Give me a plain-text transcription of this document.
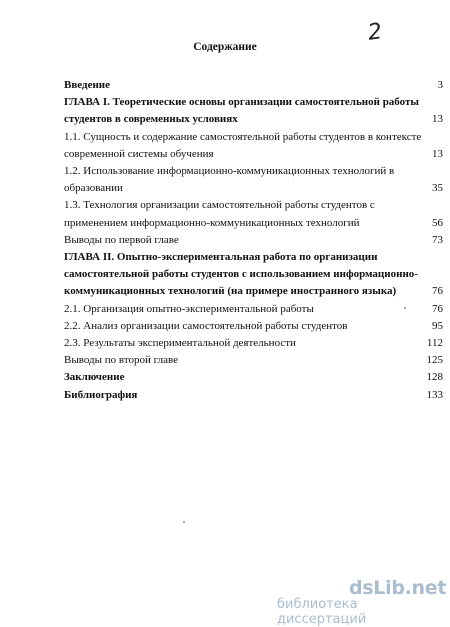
2
Содержание
Введение	3
ГЛАВА I. Теоретические основы организации самостоятельной работы
студентов в современных условиях	13
1.1. Сущность и содержание самостоятельной работы студентов в контексте
современной системы обучения	13
1.2. Использование информационно-коммуникационных технологий в
образовании	35
1.3. Технология организации самостоятельной работы студентов с
применением информационно-коммуникационных технологий	56
Выводы по первой главе	73
ГЛАВА II. Опытно-экспериментальная работа по организации
самостоятельной работы студентов с использованием информационно-
коммуникационных технологий (на примере иностранного языка)	76
2.1. Организация опытно-экспериментальной работы	76
2.2. Анализ организации самостоятельной работы студентов	95
2.3. Результаты экспериментальной деятельности	112
Выводы по второй главе	125
Заключение	128
Библиография	133
dsLib.net
библиотека диссертаций
